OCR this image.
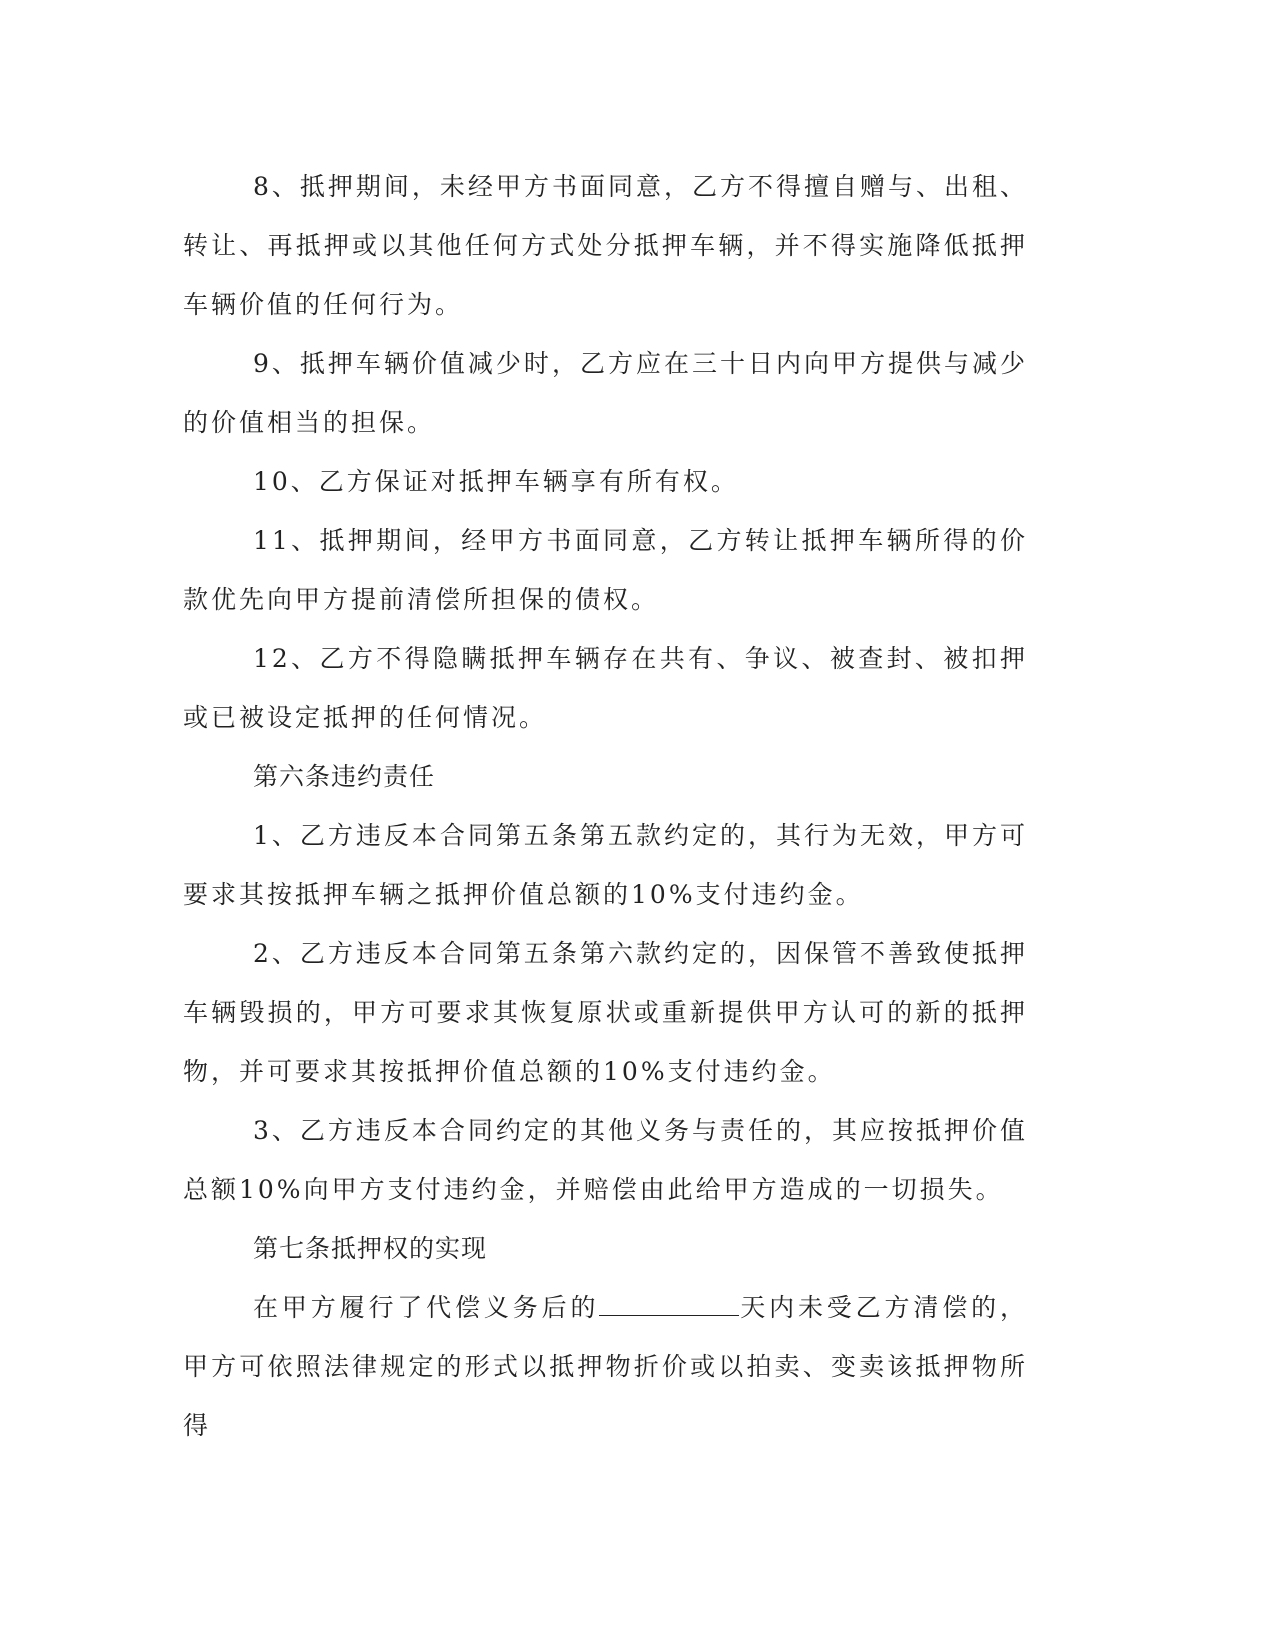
8、抵押期间，未经甲方书面同意，乙方不得擅自赠与、出租、转让、再抵押或以其他任何方式处分抵押车辆，并不得实施降低抵押车辆价值的任何行为。

9、抵押车辆价值减少时，乙方应在三十日内向甲方提供与减少的价值相当的担保。

10、乙方保证对抵押车辆享有所有权。

11、抵押期间，经甲方书面同意，乙方转让抵押车辆所得的价款优先向甲方提前清偿所担保的债权。

12、乙方不得隐瞒抵押车辆存在共有、争议、被查封、被扣押或已被设定抵押的任何情况。

第六条违约责任

1、乙方违反本合同第五条第五款约定的，其行为无效，甲方可要求其按抵押车辆之抵押价值总额的10%支付违约金。

2、乙方违反本合同第五条第六款约定的，因保管不善致使抵押车辆毁损的，甲方可要求其恢复原状或重新提供甲方认可的新的抵押物，并可要求其按抵押价值总额的10%支付违约金。

3、乙方违反本合同约定的其他义务与责任的，其应按抵押价值总额10%向甲方支付违约金，并赔偿由此给甲方造成的一切损失。

第七条抵押权的实现

在甲方履行了代偿义务后的	天内未受乙方清偿的，甲方可依照法律规定的形式以抵押物折价或以拍卖、变卖该抵押物所得
